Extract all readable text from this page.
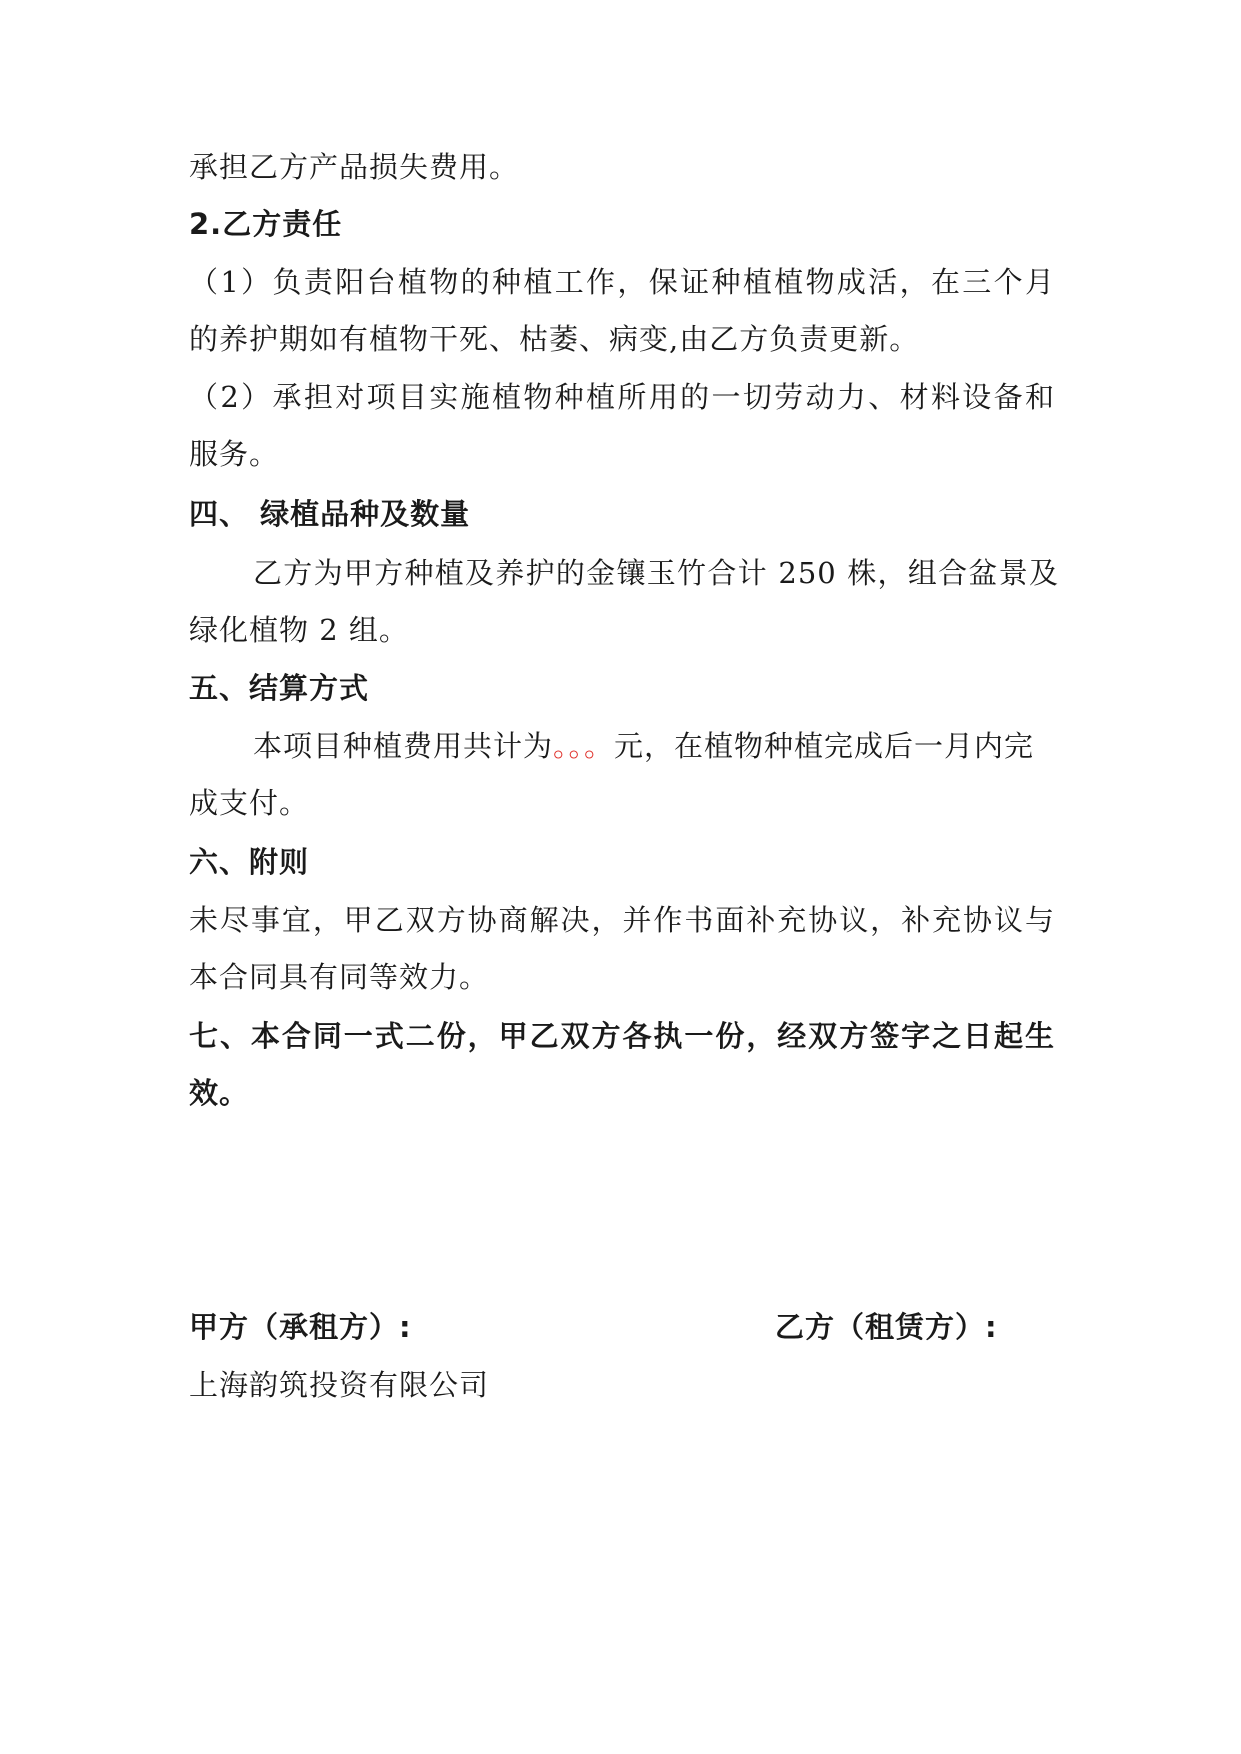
承担乙方产品损失费用。
2.乙方责任
（1）负责阳台植物的种植工作，保证种植植物成活，在三个月
的养护期如有植物干死、枯萎、病变,由乙方负责更新。
（2）承担对项目实施植物种植所用的一切劳动力、材料设备和
服务。
四、 绿植品种及数量
乙方为甲方种植及养护的金镶玉竹合计 250 株，组合盆景及
绿化植物 2 组。
五、结算方式
本项目种植费用共计为。。。元，在植物种植完成后一月内完
成支付。
六、附则
未尽事宜，甲乙双方协商解决，并作书面补充协议，补充协议与
本合同具有同等效力。
七、本合同一式二份，甲乙双方各执一份，经双方签字之日起生
效。
甲方（承租方）:	乙方（租赁方）:
上海韵筑投资有限公司
